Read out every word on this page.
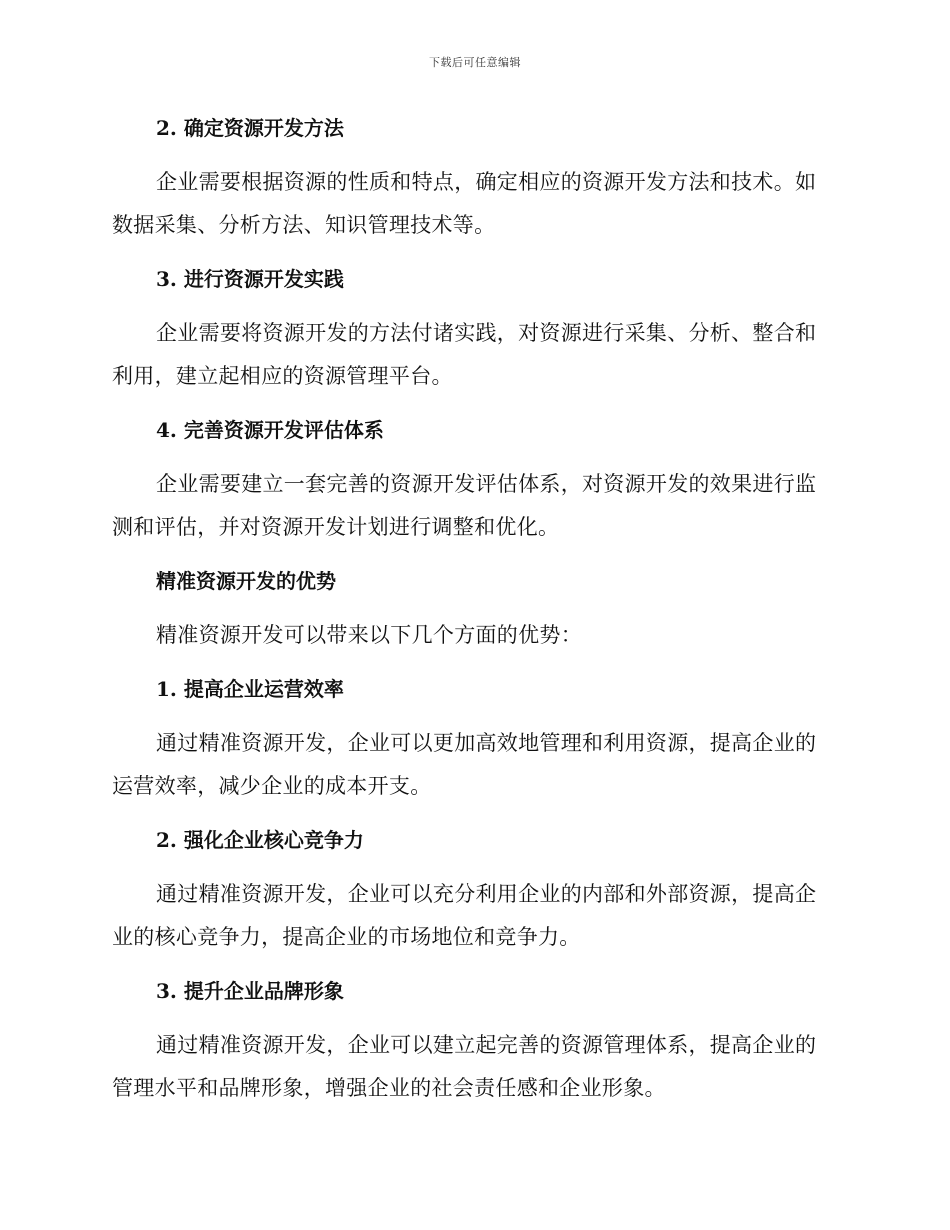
下载后可任意编辑
2. 确定资源开发方法

企业需要根据资源的性质和特点，确定相应的资源开发方法和技术。如数据采集、分析方法、知识管理技术等。

3. 进行资源开发实践

企业需要将资源开发的方法付诸实践，对资源进行采集、分析、整合和利用，建立起相应的资源管理平台。

4. 完善资源开发评估体系

企业需要建立一套完善的资源开发评估体系，对资源开发的效果进行监测和评估，并对资源开发计划进行调整和优化。

精准资源开发的优势

精准资源开发可以带来以下几个方面的优势：

1. 提高企业运营效率

通过精准资源开发，企业可以更加高效地管理和利用资源，提高企业的运营效率，减少企业的成本开支。

2. 强化企业核心竞争力

通过精准资源开发，企业可以充分利用企业的内部和外部资源，提高企业的核心竞争力，提高企业的市场地位和竞争力。

3. 提升企业品牌形象

通过精准资源开发，企业可以建立起完善的资源管理体系，提高企业的管理水平和品牌形象，增强企业的社会责任感和企业形象。
